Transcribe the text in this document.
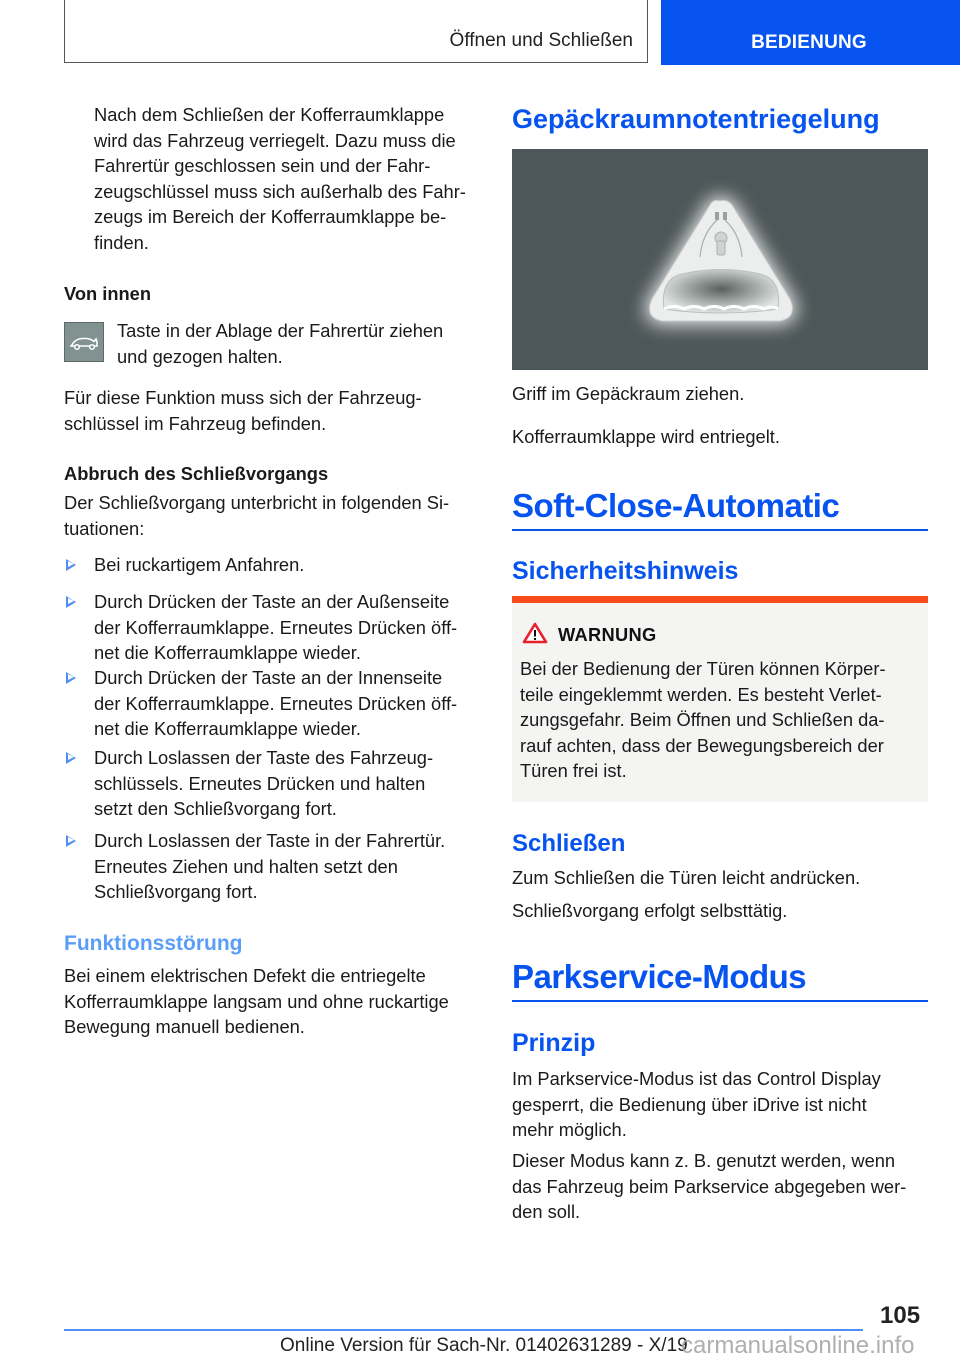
Öffnen und Schließen	BEDIENUNG

Nach dem Schließen der Kofferraumklappe
wird das Fahrzeug verriegelt. Dazu muss die
Fahrertür geschlossen sein und der Fahr-
zeugschlüssel muss sich außerhalb des Fahr-
zeugs im Bereich der Kofferraumklappe be-
finden.

Von innen

Taste in der Ablage der Fahrertür ziehen
und gezogen halten.

Für diese Funktion muss sich der Fahrzeug-
schlüssel im Fahrzeug befinden.

Abbruch des Schließvorgangs

Der Schließvorgang unterbricht in folgenden Si-
tuationen:

Bei ruckartigem Anfahren.
Durch Drücken der Taste an der Außenseite
der Kofferraumklappe. Erneutes Drücken öff-
net die Kofferraumklappe wieder.
Durch Drücken der Taste an der Innenseite
der Kofferraumklappe. Erneutes Drücken öff-
net die Kofferraumklappe wieder.
Durch Loslassen der Taste des Fahrzeug-
schlüssels. Erneutes Drücken und halten
setzt den Schließvorgang fort.
Durch Loslassen der Taste in der Fahrertür.
Erneutes Ziehen und halten setzt den
Schließvorgang fort.
Funktionsstörung

Bei einem elektrischen Defekt die entriegelte
Kofferraumklappe langsam und ohne ruckartige
Bewegung manuell bedienen.

Gepäckraumnotentriegelung

Griff im Gepäckraum ziehen.

Kofferraumklappe wird entriegelt.

Soft-Close-Automatic
Sicherheitshinweis
WARNUNG
Bei der Bedienung der Türen können Körper-
teile eingeklemmt werden. Es besteht Verlet-
zungsgefahr. Beim Öffnen und Schließen da-
rauf achten, dass der Bewegungsbereich der
Türen frei ist.
Schließen

Zum Schließen die Türen leicht andrücken.

Schließvorgang erfolgt selbsttätig.

Parkservice-Modus
Prinzip

Im Parkservice-Modus ist das Control Display
gesperrt, die Bedienung über iDrive ist nicht
mehr möglich.

Dieser Modus kann z. B. genutzt werden, wenn
das Fahrzeug beim Parkservice abgegeben wer-
den soll.

105
Online Version für Sach-Nr. 01402631289 - X/19
carmanualsonline.info
